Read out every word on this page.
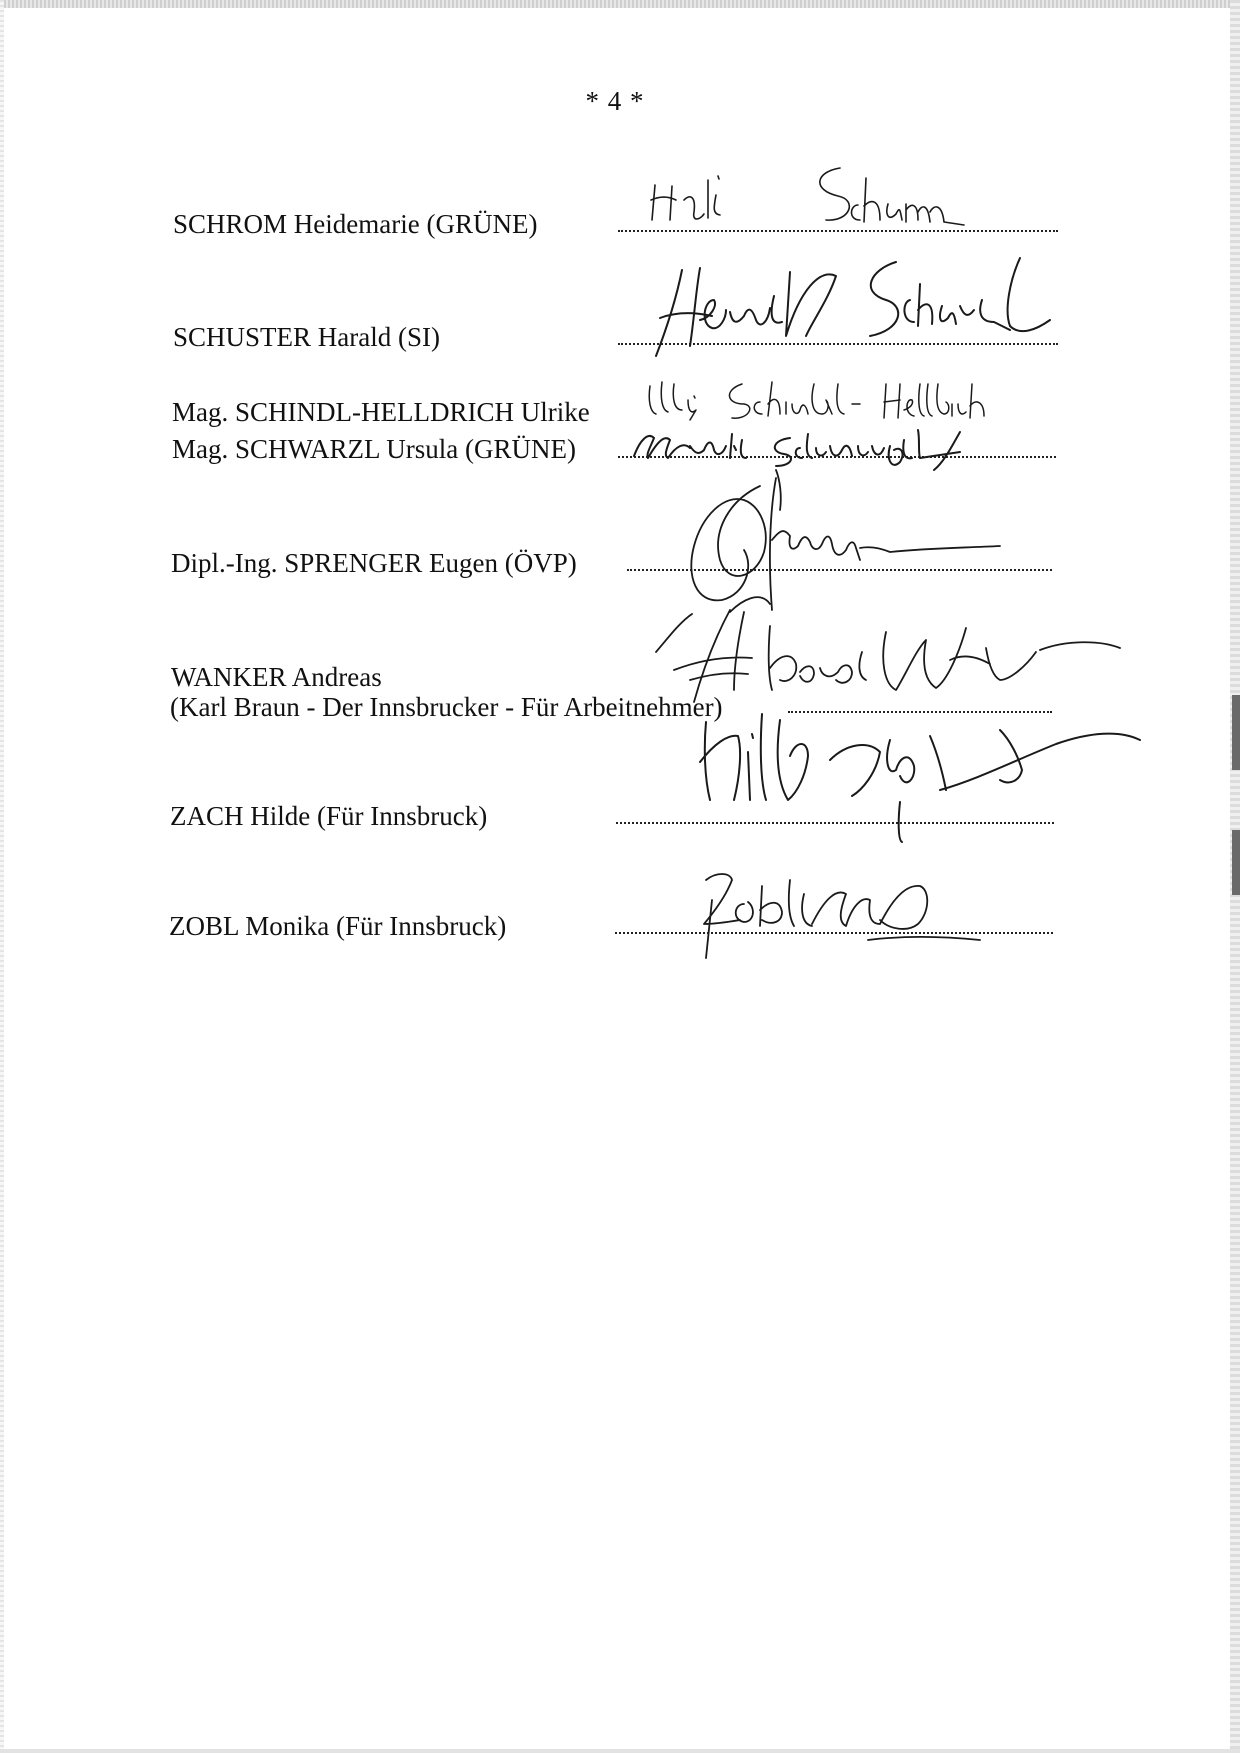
* 4 *
SCHROM Heidemarie (GRÜNE)
SCHUSTER Harald (SI)
Mag. SCHINDL-HELLDRICH Ulrike
Mag. SCHWARZL Ursula (GRÜNE)
Dipl.-Ing. SPRENGER Eugen (ÖVP)
WANKER Andreas
(Karl Braun - Der Innsbrucker - Für Arbeitnehmer)
ZACH Hilde (Für Innsbruck)
ZOBL Monika (Für Innsbruck)
